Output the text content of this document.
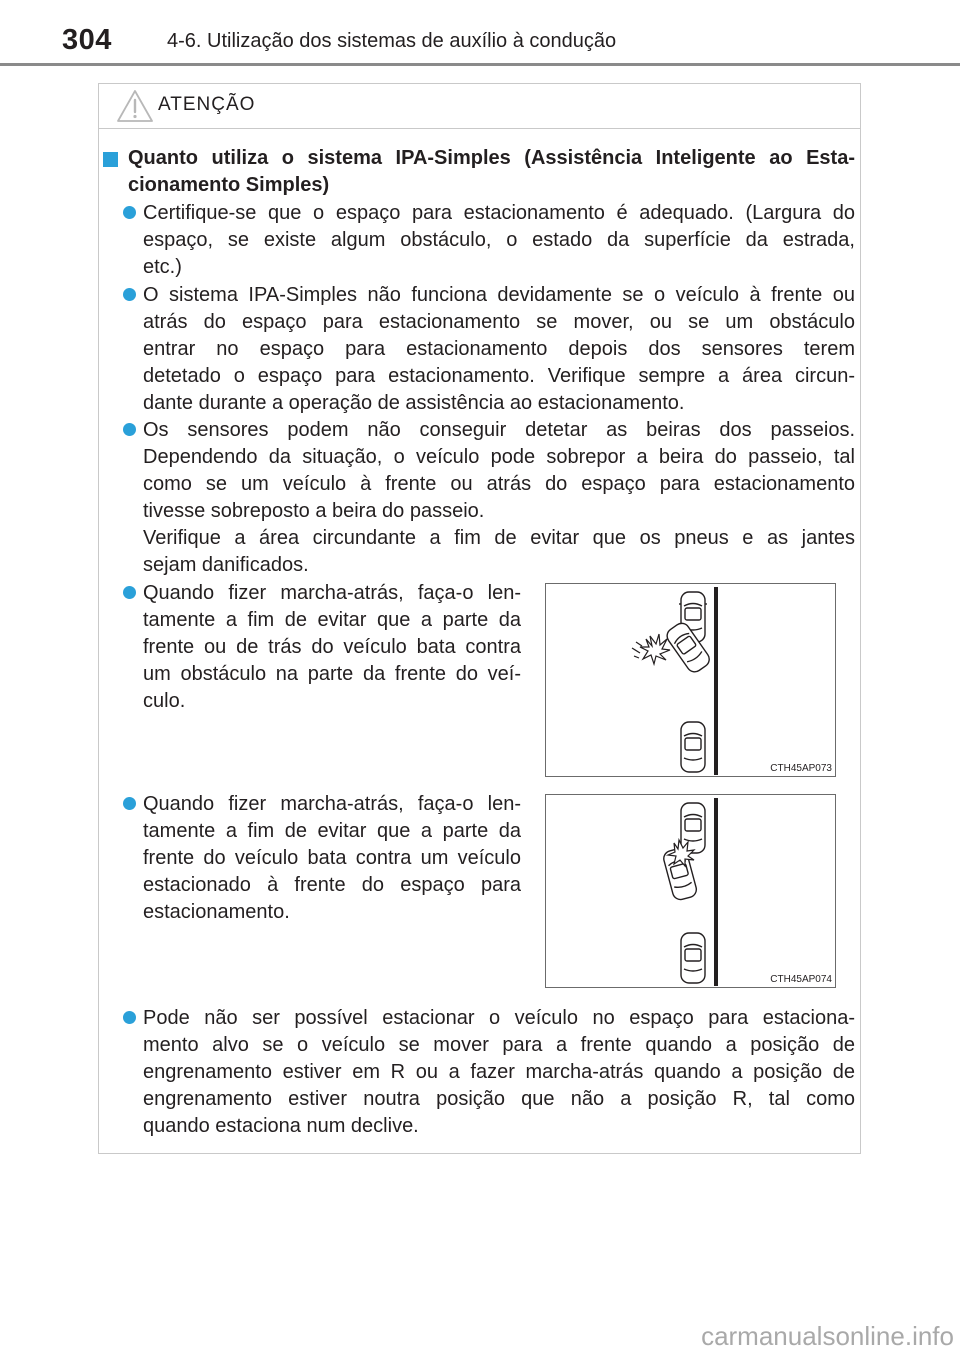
304	4-6. Utilização dos sistemas de auxílio à condução
ATENÇÃO
Quanto utiliza o sistema IPA-Simples (Assistência Inteligente ao Esta-
cionamento Simples)
Certifique-se que o espaço para estacionamento é adequado. (Largura do
espaço, se existe algum obstáculo, o estado da superfície da estrada,
etc.)
O sistema IPA-Simples não funciona devidamente se o veículo à frente ou
atrás do espaço para estacionamento se mover, ou se um obstáculo
entrar no espaço para estacionamento depois dos sensores terem
detetado o espaço para estacionamento. Verifique sempre a área circun-
dante durante a operação de assistência ao estacionamento.
Os sensores podem não conseguir detetar as beiras dos passeios.
Dependendo da situação, o veículo pode sobrepor a beira do passeio, tal
como se um veículo à frente ou atrás do espaço para estacionamento
tivesse sobreposto a beira do passeio.
Verifique a área circundante a fim de evitar que os pneus e as jantes
sejam danificados.
Quando fizer marcha-atrás, faça-o len-
tamente a fim de evitar que a parte da
frente ou de trás do veículo bata contra
um obstáculo na parte da frente do veí-
culo.
CTH45AP073
Quando fizer marcha-atrás, faça-o len-
tamente a fim de evitar que a parte da
frente do veículo bata contra um veículo
estacionado à frente do espaço para
estacionamento.
CTH45AP074
Pode não ser possível estacionar o veículo no espaço para estaciona-
mento alvo se o veículo se mover para a frente quando a posição de
engrenamento estiver em R ou a fazer marcha-atrás quando a posição de
engrenamento estiver noutra posição que não a posição R, tal como
quando estaciona num declive.
carmanualsonline.info
